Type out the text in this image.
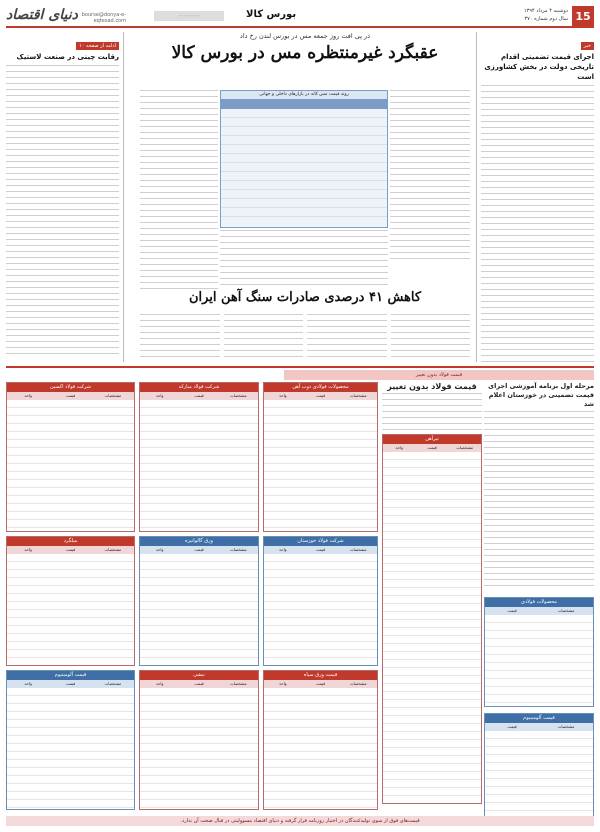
15
دوشنبه ۴ مرداد ۱۳۹۴
سال دوم شماره ۳۷۰
بورس کالا
۰۰۰۰۰۰۰۰
دنیای اقتصاد bourse@donya-e-eqtesad.com
خبر
اجرای قیمت تضمینی اقدام تاریخی دولت در بخش کشاورزی است
در پی افت روز جمعه مس در بورس لندن رخ داد
عقبگرد غیرمنتظره مس در بورس کالا
روند قیمت مس کاتد در بازارهای داخلی و جهانی
کاهش ۴۱ درصدی صادرات سنگ آهن ایران
ادامه از صفحه ۱۰
رقابت چینی در صنعت لاستیک
قیمت فولاد بدون تغییر
قیمت فولاد بدون تغییر	مرحله اول برنامه آموزشی اجرای قیمت تضمینی در خوزستان اعلام شد
محصولات فولادی
مشخصات
قیمت
قیمت آلومینیوم
مشخصات
قیمت
تیرآهن
مشخصات
قیمت
واحد
محصولات فولادی ذوب آهن
مشخصات
قیمت
واحد
شرکت فولاد خوزستان
مشخصات
قیمت
واحد
قیمت ورق سیاه
مشخصات
قیمت
واحد
شرکت فولاد مبارکه
مشخصات
قیمت
واحد
ورق گالوانیزه
مشخصات
قیمت
واحد
نبشی
مشخصات
قیمت
واحد
شرکت فولاد اکسین
مشخصات
قیمت
واحد
میلگرد
مشخصات
قیمت
واحد
قیمت آلومینیوم
مشخصات
قیمت
واحد
قیمت‌های فوق از سوی تولیدکنندگان در اختیار روزنامه قرار گرفته و دنیای اقتصاد مسوولیتی در قبال صحت آن ندارد.
